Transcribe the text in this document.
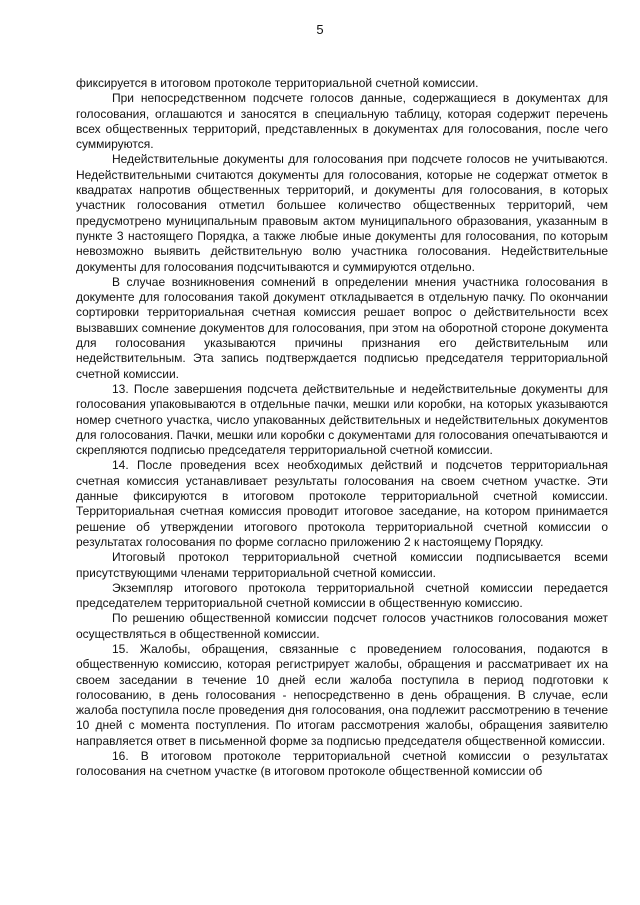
5

фиксируется в итоговом протоколе территориальной счетной комиссии.

При непосредственном подсчете голосов данные, содержащиеся в документах для голосования, оглашаются и заносятся в специальную таблицу, которая содержит перечень всех общественных территорий, представленных в документах для голосования, после чего суммируются.

Недействительные документы для голосования при подсчете голосов не учитываются. Недействительными считаются документы для голосования, которые не содержат отметок в квадратах напротив общественных территорий, и документы для голосования, в которых участник голосования отметил большее количество общественных территорий, чем предусмотрено муниципальным правовым актом муниципального образования, указанным в пункте 3 настоящего Порядка, а также любые иные документы для голосования, по которым невозможно выявить действительную волю участника голосования. Недействительные документы для голосования подсчитываются и суммируются отдельно.

В случае возникновения сомнений в определении мнения участника голосования в документе для голосования такой документ откладывается в отдельную пачку. По окончании сортировки территориальная счетная комиссия решает вопрос о действительности всех вызвавших сомнение документов для голосования, при этом на оборотной стороне документа для голосования указываются причины признания его действительным или недействительным. Эта запись подтверждается подписью председателя территориальной счетной комиссии.

13. После завершения подсчета действительные и недействительные документы для голосования упаковываются в отдельные пачки, мешки или коробки, на которых указываются номер счетного участка, число упакованных действительных и недействительных документов для голосования. Пачки, мешки или коробки с документами для голосования опечатываются и скрепляются подписью председателя территориальной счетной комиссии.

14. После проведения всех необходимых действий и подсчетов территориальная счетная комиссия устанавливает результаты голосования на своем счетном участке. Эти данные фиксируются в итоговом протоколе территориальной счетной комиссии. Территориальная счетная комиссия проводит итоговое заседание, на котором принимается решение об утверждении итогового протокола территориальной счетной комиссии о результатах голосования по форме согласно приложению 2 к настоящему Порядку.

Итоговый протокол территориальной счетной комиссии подписывается всеми присутствующими членами территориальной счетной комиссии.

Экземпляр итогового протокола территориальной счетной комиссии передается председателем территориальной счетной комиссии в общественную комиссию.

По решению общественной комиссии подсчет голосов участников голосования может осуществляться в общественной комиссии.

15. Жалобы, обращения, связанные с проведением голосования, подаются в общественную комиссию, которая регистрирует жалобы, обращения и рассматривает их на своем заседании в течение 10 дней если жалоба поступила в период подготовки к голосованию, в день голосования - непосредственно в день обращения. В случае, если жалоба поступила после проведения дня голосования, она подлежит рассмотрению в течение 10 дней с момента поступления. По итогам рассмотрения жалобы, обращения заявителю направляется ответ в письменной форме за подписью председателя общественной комиссии.

16. В итоговом протоколе территориальной счетной комиссии о результатах голосования на счетном участке (в итоговом протоколе общественной комиссии об
